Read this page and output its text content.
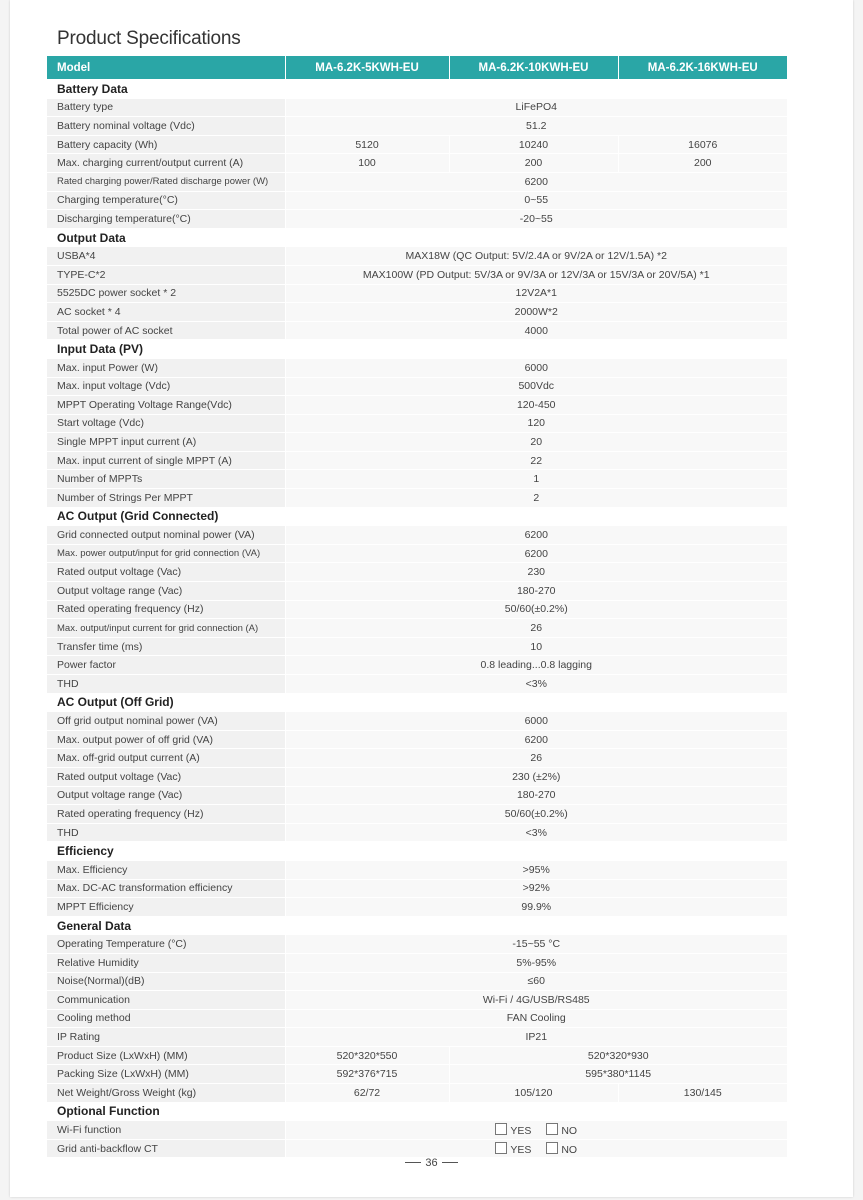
Product Specifications
Model	MA-6.2K-5KWH-EU	MA-6.2K-10KWH-EU	MA-6.2K-16KWH-EU
Battery Data			
Battery type	LiFePO4		
Battery nominal voltage (Vdc)	51.2		
Battery capacity (Wh)	5120	10240	16076
Max. charging current/output current (A)	100	200	200
Rated charging power/Rated discharge power (W)	6200		
Charging temperature(°C)	0~55		
Discharging temperature(°C)	-20~55		
Output Data			
USBA*4	MAX18W (QC Output: 5V/2.4A or 9V/2A or 12V/1.5A) *2		
TYPE-C*2	MAX100W (PD Output: 5V/3A or 9V/3A or 12V/3A or 15V/3A or 20V/5A) *1		
5525DC power socket * 2	12V2A*1		
AC socket * 4	2000W*2		
Total power of AC socket	4000		
Input Data (PV)			
Max. input Power (W)	6000		
Max. input voltage (Vdc)	500Vdc		
MPPT Operating Voltage Range(Vdc)	120-450		
Start voltage (Vdc)	120		
Single MPPT input current (A)	20		
Max. input current of single MPPT (A)	22		
Number of MPPTs	1		
Number of Strings Per MPPT	2		
AC Output (Grid Connected)			
Grid connected output nominal power (VA)	6200		
Max. power output/input for grid connection (VA)	6200		
Rated output voltage (Vac)	230		
Output voltage range (Vac)	180-270		
Rated operating frequency (Hz)	50/60(±0.2%)		
Max. output/input current for grid connection (A)	26		
Transfer time (ms)	10		
Power factor	0.8 leading...0.8 lagging		
THD	<3%		
AC Output (Off Grid)			
Off grid output nominal power (VA)	6000		
Max. output power of off grid (VA)	6200		
Max. off-grid output current (A)	26		
Rated output voltage (Vac)	230 (±2%)		
Output voltage range (Vac)	180-270		
Rated operating frequency (Hz)	50/60(±0.2%)		
THD	<3%		
Efficiency			
Max. Efficiency	>95%		
Max. DC-AC transformation efficiency	>92%		
MPPT Efficiency	99.9%		
General Data			
Operating Temperature (°C)	-15~55 °C		
Relative Humidity	5%-95%		
Noise(Normal)(dB)	≤60		
Communication	Wi-Fi / 4G/USB/RS485		
Cooling method	FAN Cooling		
IP Rating	IP21		
Product Size (LxWxH) (MM)	520*320*550	520*320*930	
Packing Size (LxWxH) (MM)	592*376*715	595*380*1145	
Net Weight/Gross Weight (kg)	62/72	105/120	130/145
Optional Function			
Wi-Fi function	YES NO		
Grid anti-backflow CT	YES NO		
36
